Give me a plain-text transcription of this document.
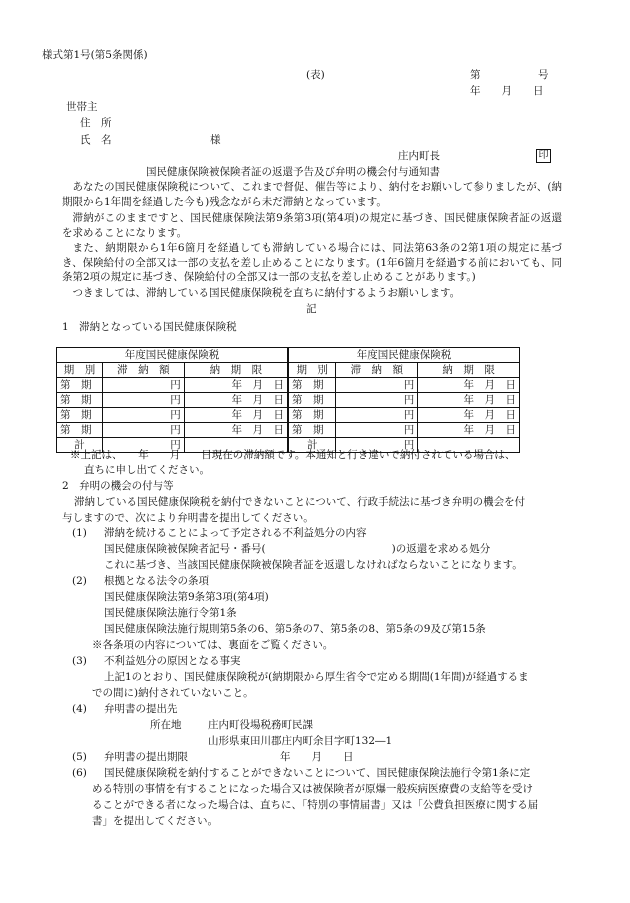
様式第1号(第5条関係)
(表)	第	号
年　　月　　日
世帯主
住　所
氏　名	様
庄内町長	印
国民健康保険被保険者証の返還予告及び弁明の機会付与通知書
あなたの国民健康保険税について、これまで督促、催告等により、納付をお願いして参りましたが、(納期限から1年間を経過した今も)残念ながら未だ滞納となっています。
滞納がこのままですと、国民健康保険法第9条第3項(第4項)の規定に基づき、国民健康保険者証の返還を求めることになります。
また、納期限から1年6箇月を経過しても滞納している場合には、同法第63条の2第1項の規定に基づき、保険給付の全部又は一部の支払を差し止めることになります。(1年6箇月を経過する前においても、同条第2項の規定に基づき、保険給付の全部又は一部の支払を差し止めることがあります。)
つきましては、滞納している国民健康保険税を直ちに納付するようお願いします。
記
1　滞納となっている国民健康保険税
年度国民健康保険税			年度国民健康保険税		
期　別	滞　納　額	納　期　限	期　別	滞　納　額	納　期　限
第　期	円	年　月　日	第　期	円	年　月　日
第　期	円	年　月　日	第　期	円	年　月　日
第　期	円	年　月　日	第　期	円	年　月　日
第　期	円	年　月　日	第　期	円	年　月　日
計	円		計	円	
※上記は、　　年　　月　　日現在の滞納額です。本通知と行き違いで納付されている場合は、
直ちに申し出てください。
2　弁明の機会の付与等
滞納している国民健康保険税を納付できないことについて、行政手続法に基づき弁明の機会を付
与しますので、次により弁明書を提出してください。
(1) 滞納を続けることによって予定される不利益処分の内容
国民健康保険被保険者記号・番号(　　　　　　　　　　　　)の返還を求める処分
これに基づき、当該国民健康保険被保険者証を返還しなければならないことになります。
(2) 根拠となる法令の条項
国民健康保険法第9条第3項(第4項)
国民健康保険法施行令第1条
国民健康保険法施行規則第5条の6、第5条の7、第5条の8、第5条の9及び第15条
※各条項の内容については、裏面をご覧ください。
(3) 不利益処分の原因となる事実
上記1のとおり、国民健康保険税が(納期限から厚生省令で定める期間(1年間)が経過するま
での間に)納付されていないこと。
(4) 弁明書の提出先
所在地	庄内町役場税務町民課
山形県東田川郡庄内町余目字町132―1
(5) 弁明書の提出期限	年　　月　　日
(6) 国民健康保険税を納付することができないことについて、国民健康保険法施行令第1条に定
める特別の事情を有することになった場合又は被保険者が原爆一般疾病医療費の支給等を受け
ることができる者になった場合は、直ちに、「特別の事情届書」又は「公費負担医療に関する届
書」を提出してください。
